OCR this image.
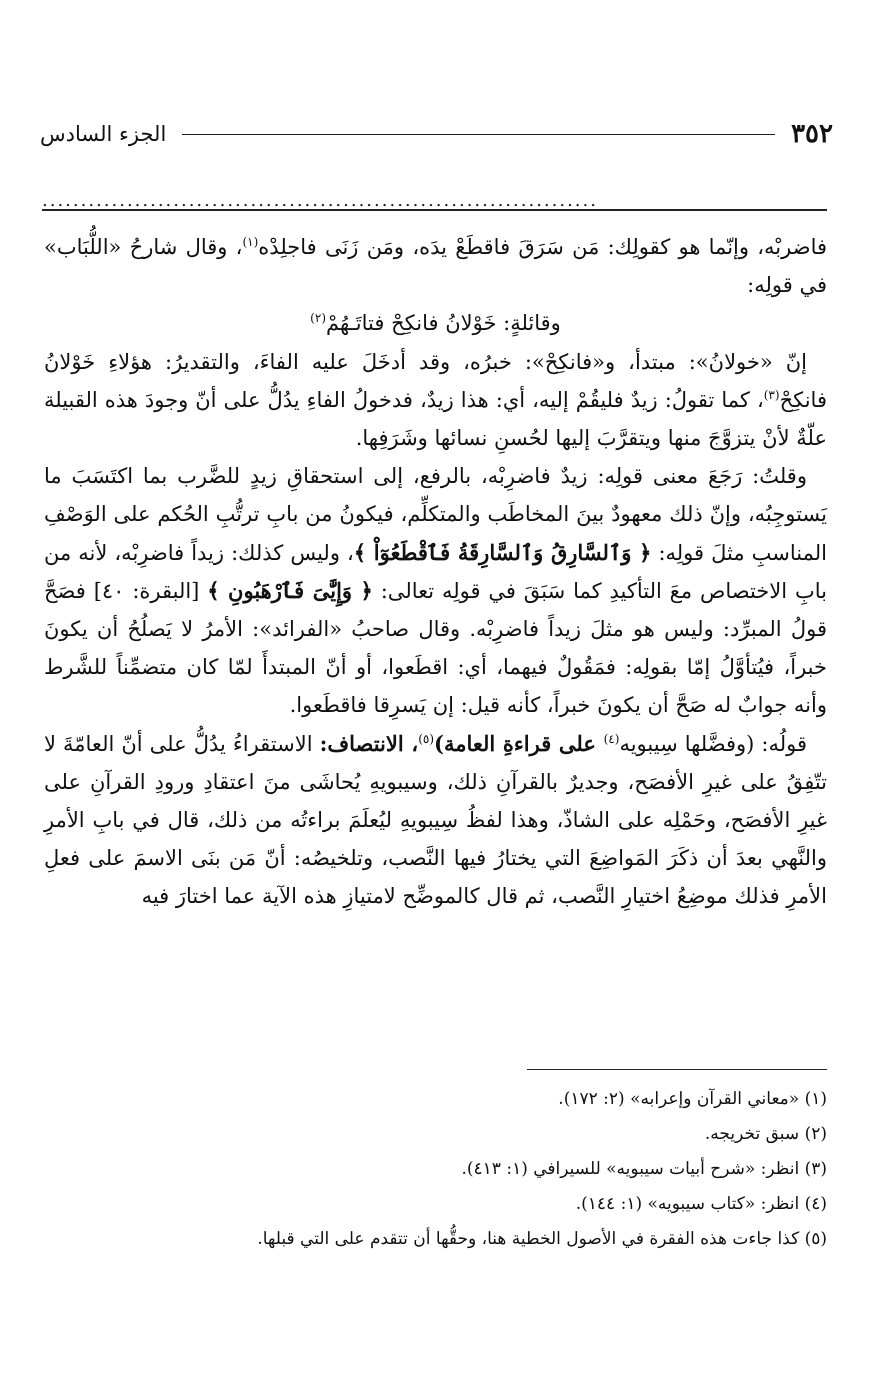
٣٥٢
الجزء السادس
........................................................................

فاضربْه، وإنّما هو كقولِك: مَن سَرَقَ فاقطَعْ يدَه، ومَن زَنَى فاجلِدْه$^{(١)}$، وقال شارحُ «اللُّبَاب» في قولِه:

وقائلةٍ: خَوْلانُ فانكِحْ فتاتَـهُمْ$^{(٢)}$

إنّ «خولانُ»: مبتدأ، و«فانكِحْ»: خبرُه، وقد أدخَلَ عليه الفاءَ، والتقديرُ: هؤلاءِ خَوْلانُ فانكِحْ$^{(٣)}$، كما تقولُ: زيدٌ فليقُمْ إليه، أي: هذا زيدٌ، فدخولُ الفاءِ يدُلُّ على أنّ وجودَ هذه القبيلة علّةٌ لأنْ يتزوَّجَ منها ويتقرَّبَ إليها لحُسنِ نسائها وشَرَفِها.

وقلتُ: رَجَعَ معنى قولِه: زيدٌ فاضرِبْه، بالرفع، إلى استحقاقِ زيدٍ للضَّرب بما اكتَسَبَ ما يَستوجِبُه، وإنّ ذلك معهودٌ بينَ المخاطَب والمتكلِّم، فيكونُ من بابِ ترتُّبِ الحُكم على الوَصْفِ المناسبِ مثلَ قولِه: ﴿ وَٱلسَّارِقُ وَٱلسَّارِقَةُ فَٱقْطَعُوٓاْ ﴾، وليس كذلك: زيداً فاضرِبْه، لأنه من بابِ الاختصاص معَ التأكيدِ كما سَبَقَ في قولِه تعالى: ﴿ وَإِيَّٰىَ فَٱرْهَبُونِ ﴾ [البقرة: ٤٠] فصَحَّ قولُ المبرِّد: وليس هو مثلَ زيداً فاضرِبْه. وقال صاحبُ «الفرائد»: الأمرُ لا يَصلُحُ أن يكونَ خبراً، فيُتأوَّلُ إمّا بقولِه: فمَقُولٌ فيهما، أي: اقطَعوا، أو أنّ المبتدأَ لمّا كان متضمِّناً للشَّرط وأنه جوابٌ له صَحَّ أن يكونَ خبراً، كأنه قيل: إن يَسرِقا فاقطَعوا.

قولُه: (وفضَّلها سِيبويه$^{(٤)}$ على قراءةِ العامة)$^{(٥)}$، الانتصاف: الاستقراءُ يدُلُّ على أنّ العامّةَ لا تتّفِقُ على غيرِ الأفصَح، وجديرٌ بالقرآنِ ذلك، وسيبويهِ يُحاشَى منَ اعتقادِ ورودِ القرآنِ على غيرِ الأفصَح، وحَمْلِه على الشاذّ، وهذا لفظُ سِيبويهِ ليُعلَمَ براءتُه من ذلك، قال في بابِ الأمرِ والنَّهي بعدَ أن ذكَرَ المَواضِعَ التي يختارُ فيها النَّصب، وتلخيصُه: أنّ مَن بنَى الاسمَ على فعلِ الأمرِ فذلك موضِعُ اختيارِ النَّصب، ثم قال كالموضِّح لامتيازِ هذه الآية عما اختارَ فيه

(١) «معاني القرآن وإعرابه» (٢: ١٧٢).

(٢) سبق تخريجه.

(٣) انظر: «شرح أبيات سيبويه» للسيرافي (١: ٤١٣).

(٤) انظر: «كتاب سيبويه» (١: ١٤٤).

(٥) كذا جاءت هذه الفقرة في الأصول الخطية هنا، وحقُّها أن تتقدم على التي قبلها.
